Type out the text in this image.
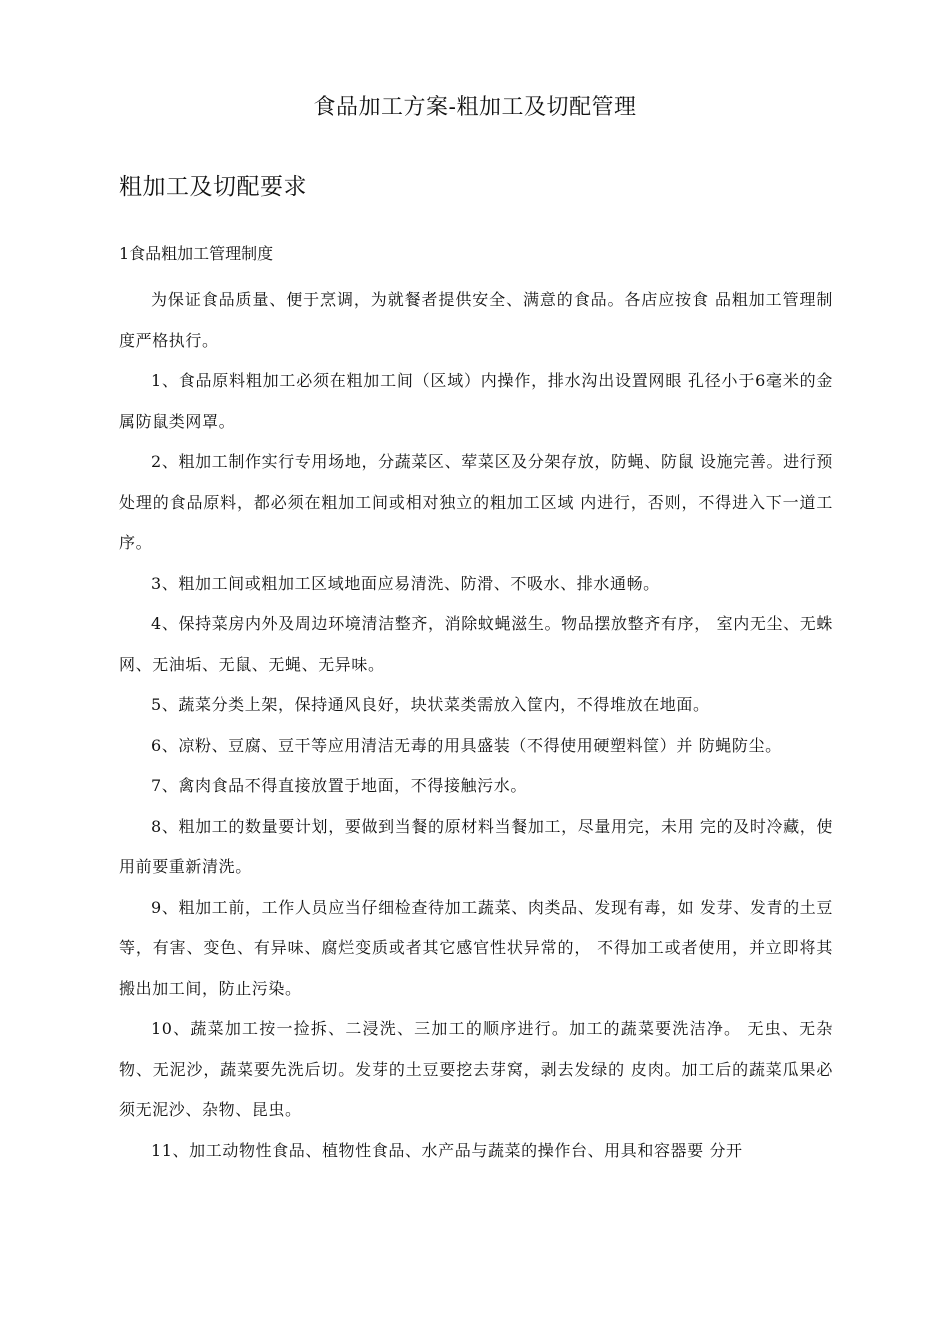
食品加工方案-粗加工及切配管理
粗加工及切配要求
1食品粗加工管理制度

为保证食品质量、便于烹调，为就餐者提供安全、满意的食品。各店应按食 品粗加工管理制度严格执行。

1、食品原料粗加工必须在粗加工间（区域）内操作，排水沟出设置网眼 孔径小于6毫米的金属防鼠类网罩。

2、粗加工制作实行专用场地，分蔬菜区、荤菜区及分架存放，防蝇、防鼠 设施完善。进行预处理的食品原料，都必须在粗加工间或相对独立的粗加工区域 内进行，否则，不得进入下一道工序。

3、粗加工间或粗加工区域地面应易清洗、防滑、不吸水、排水通畅。

4、保持菜房内外及周边环境清洁整齐，消除蚊蝇滋生。物品摆放整齐有序， 室内无尘、无蛛网、无油垢、无鼠、无蝇、无异味。

5、蔬菜分类上架，保持通风良好，块状菜类需放入筐内，不得堆放在地面。

6、凉粉、豆腐、豆干等应用清洁无毒的用具盛装（不得使用硬塑料筐）并 防蝇防尘。

7、禽肉食品不得直接放置于地面，不得接触污水。

8、粗加工的数量要计划，要做到当餐的原材料当餐加工，尽量用完，未用 完的及时冷藏，使用前要重新清洗。

9、粗加工前，工作人员应当仔细检查待加工蔬菜、肉类品、发现有毒，如 发芽、发青的土豆等，有害、变色、有异味、腐烂变质或者其它感官性状异常的， 不得加工或者使用，并立即将其搬出加工间，防止污染。

10、蔬菜加工按一捡拆、二浸洗、三加工的顺序进行。加工的蔬菜要洗洁净。 无虫、无杂物、无泥沙，蔬菜要先洗后切。发芽的土豆要挖去芽窝，剥去发绿的 皮肉。加工后的蔬菜瓜果必须无泥沙、杂物、昆虫。

11、加工动物性食品、植物性食品、水产品与蔬菜的操作台、用具和容器要 分开
